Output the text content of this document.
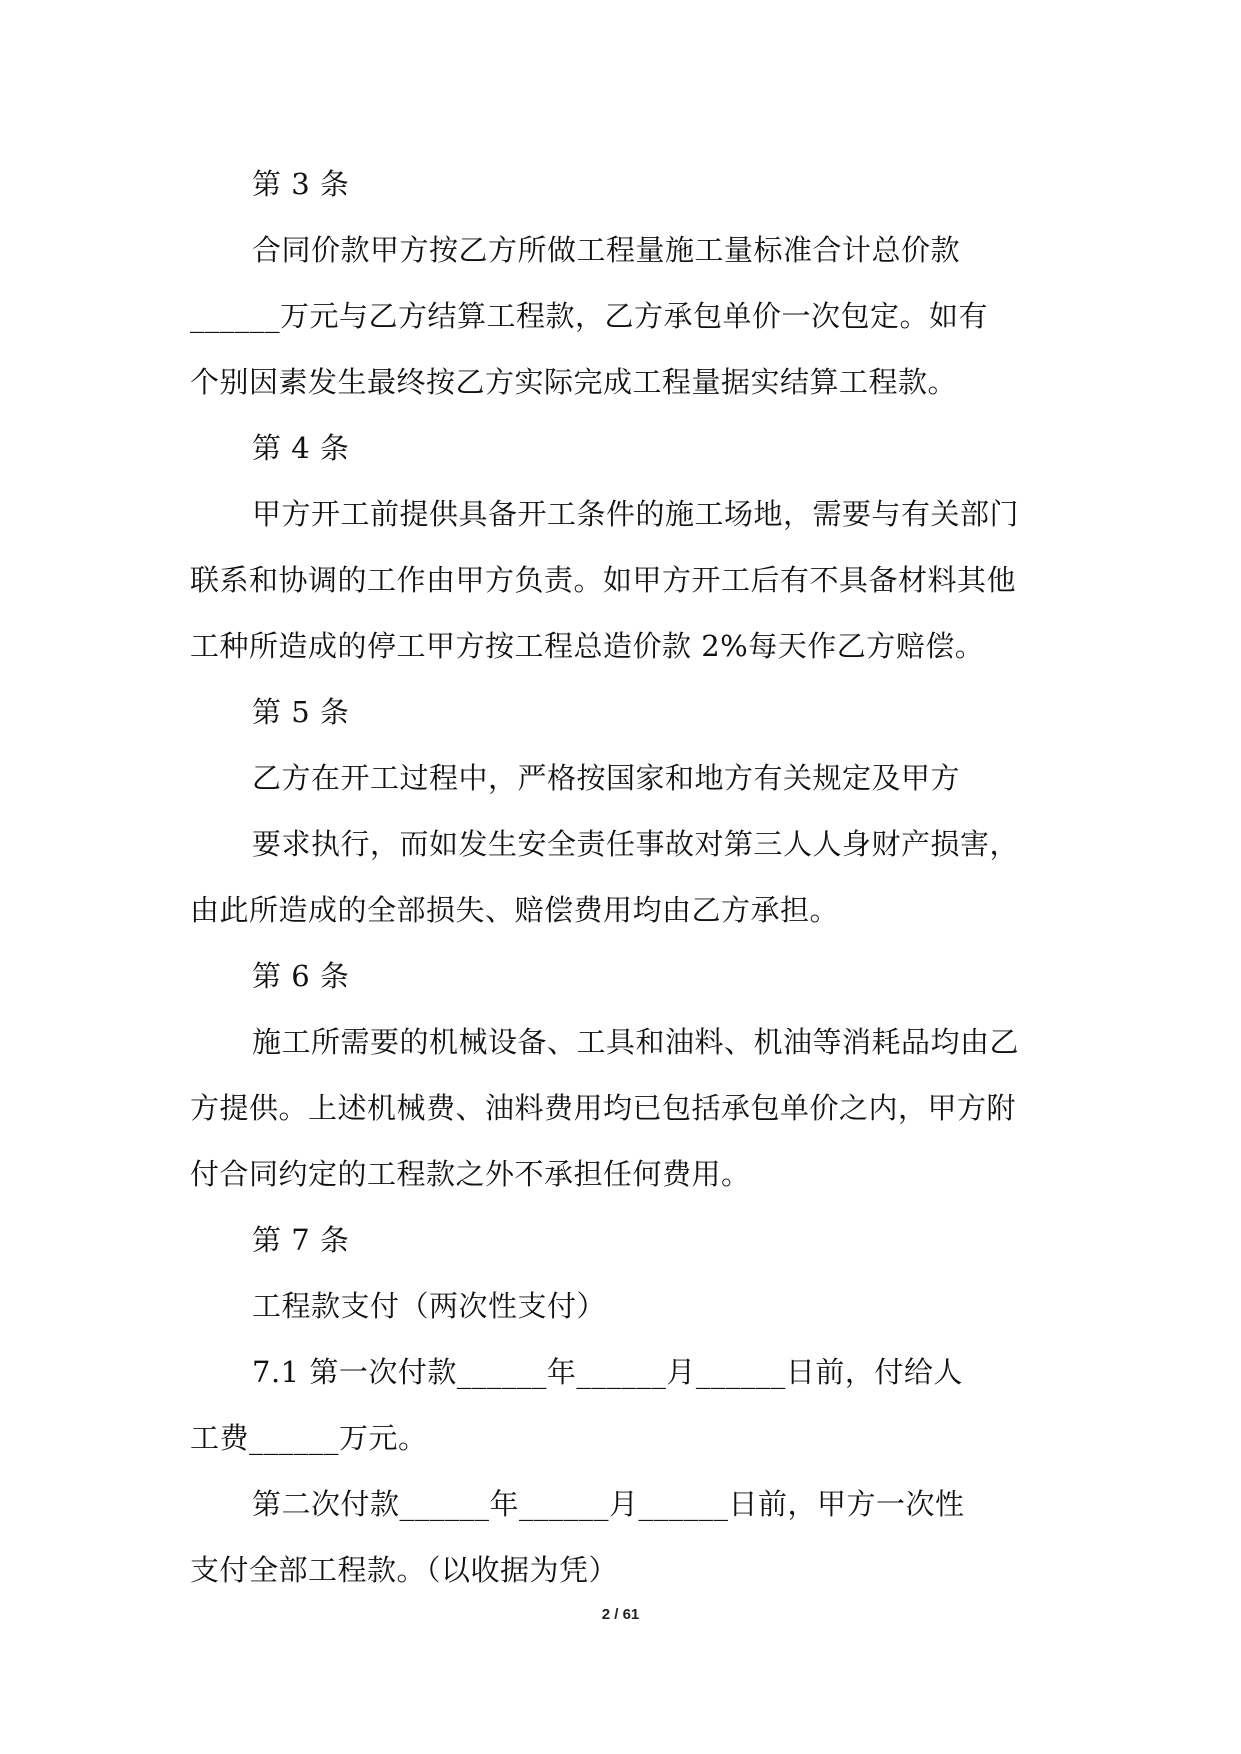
第 3 条
合同价款甲方按乙方所做工程量施工量标准合计总价款
______万元与乙方结算工程款，乙方承包单价一次包定。如有
个别因素发生最终按乙方实际完成工程量据实结算工程款。
第 4 条
甲方开工前提供具备开工条件的施工场地，需要与有关部门
联系和协调的工作由甲方负责。如甲方开工后有不具备材料其他
工种所造成的停工甲方按工程总造价款 2%每天作乙方赔偿。
第 5 条
乙方在开工过程中，严格按国家和地方有关规定及甲方
要求执行，而如发生安全责任事故对第三人人身财产损害，
由此所造成的全部损失、赔偿费用均由乙方承担。
第 6 条
施工所需要的机械设备、工具和油料、机油等消耗品均由乙
方提供。上述机械费、油料费用均已包括承包单价之内，甲方附
付合同约定的工程款之外不承担任何费用。
第 7 条
工程款支付（两次性支付）
7.1 第一次付款______年______月______日前，付给人
工费______万元。
第二次付款______年______月______日前，甲方一次性
支付全部工程款。（以收据为凭）
2 / 61
